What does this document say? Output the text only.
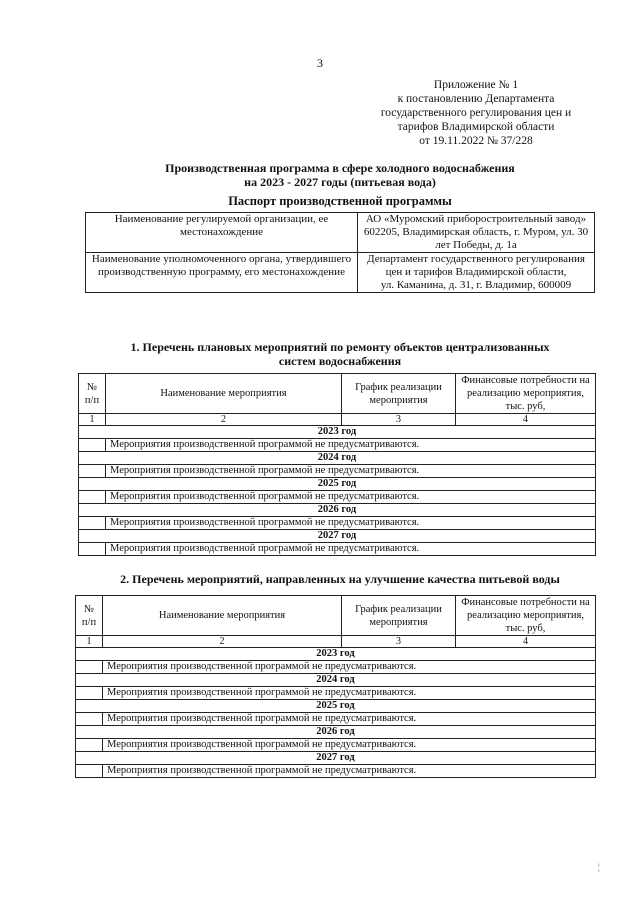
3
Приложение № 1
к постановлению Департамента
государственного регулирования цен и
тарифов Владимирской области
от 19.11.2022 № 37/228
Производственная программа в сфере холодного водоснабжения
на 2023 - 2027 годы (питьевая вода)
Паспорт производственной программы
Наименование регулируемой организации, ее местонахождение	АО «Муромский приборостроительный завод»
602205, Владимирская область, г. Муром, ул. 30 лет Победы, д. 1а

Наименование уполномоченного органа, утвердившего производственную программу, его местонахождение	Департамент государственного регулирования цен и тарифов Владимирской области,
ул. Каманина, д. 31, г. Владимир, 600009
1. Перечень плановых мероприятий по ремонту объектов централизованных
систем водоснабжения
№ п/п	Наименование мероприятия	График реализации мероприятия	Финансовые потребности на реализацию мероприятия, тыс. руб,
1	2	3	4
2023 год			
	Мероприятия производственной программой не предусматриваются.		
2024 год			
	Мероприятия производственной программой не предусматриваются.		
2025 год			
	Мероприятия производственной программой не предусматриваются.		
2026 год			
	Мероприятия производственной программой не предусматриваются.		
2027 год			
	Мероприятия производственной программой не предусматриваются.		
2. Перечень мероприятий, направленных на улучшение качества питьевой воды
№ п/п	Наименование мероприятия	График реализации мероприятия	Финансовые потребности на реализацию мероприятия, тыс. руб,
1	2	3	4
2023 год			
	Мероприятия производственной программой не предусматриваются.		
2024 год			
	Мероприятия производственной программой не предусматриваются.		
2025 год			
	Мероприятия производственной программой не предусматриваются.		
2026 год			
	Мероприятия производственной программой не предусматриваются.		
2027 год			
	Мероприятия производственной программой не предусматриваются.		
¦
